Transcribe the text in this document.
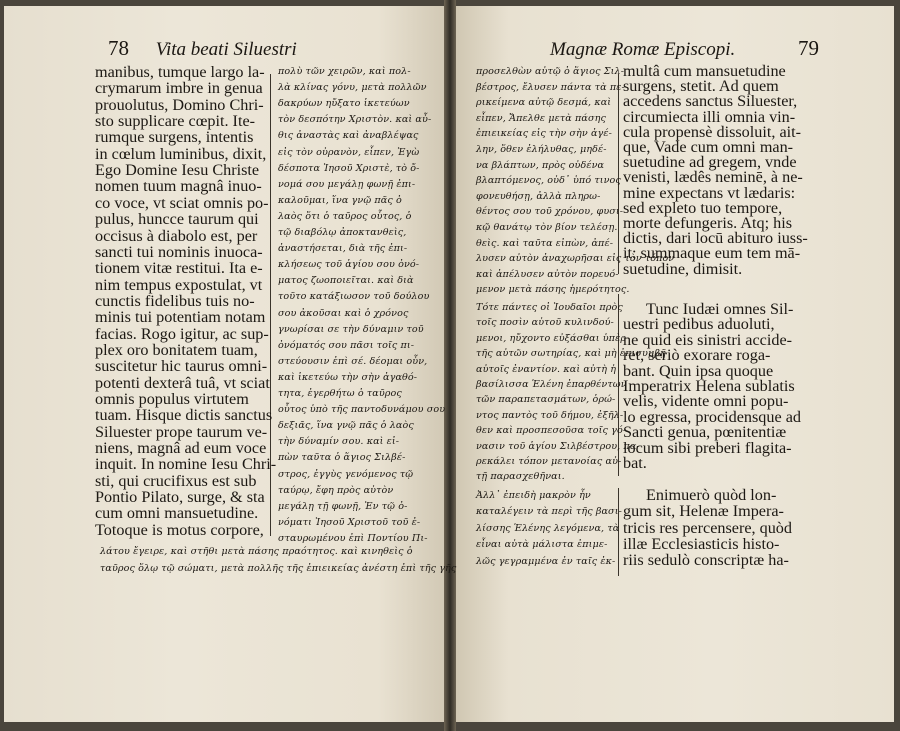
78 Vita beati Siluestri	Magnæ Romæ Episcopi.	79
manibus, tumque largo la-
crymarum imbre in genua
prouolutus, Domino Chri-
sto supplicare cœpit. Ite-
rumque surgens, intentis
in cœlum luminibus, dixit,
Ego Domine Iesu Christe
nomen tuum magnâ inuo-
co voce, vt sciat omnis po-
pulus, huncce taurum qui
occisus à diabolo est, per
sancti tui nominis inuoca-
tionem vitæ restitui. Ita e-
nim tempus expostulat, vt
cunctis fidelibus tuis no-
minis tui potentiam notam
facias. Rogo igitur, ac sup-
plex oro bonitatem tuam,
suscitetur hic taurus omni-
potenti dexterâ tuâ, vt sciat
omnis populus virtutem
tuam. Hisque dictis sanctus
Siluester prope taurum ve-
niens, magnâ ad eum voce
inquit. In nomine Iesu Chri-
sti, qui crucifixus est sub
Pontio Pilato, surge, & sta
cum omni mansuetudine.
Totoque is motus corpore,
πολὺ τῶν χειρῶν, καὶ πολ-
λὰ κλίνας γόνυ, μετὰ πολλῶν
δακρύων ηὔξατο ἱκετεύων
τὸν δεσπότην Χριστὸν. καὶ αὖ-
θις ἀναστὰς καὶ ἀναβλέψας
εἰς τὸν οὐρανὸν, εἶπεν, Ἐγὼ
δέσποτα Ἰησοῦ Χριστὲ, τὸ ὄ-
νομά σου μεγάλῃ φωνῇ ἐπι-
καλοῦμαι, ἵνα γνῷ πᾶς ὁ
λαὸς ὅτι ὁ ταῦρος οὗτος, ὁ
τῷ διαβόλῳ ἀποκτανθεὶς,
ἀναστήσεται, διὰ τῆς ἐπι-
κλήσεως τοῦ ἁγίου σου ὀνό-
ματος ζωοποιεῖται. καὶ διὰ
τοῦτο κατάξιωσον τοῦ δούλου
σου ἀκοῦσαι καὶ ὁ χρόνος
γνωρίσαι σε τὴν δύναμιν τοῦ
ὀνόματός σου πᾶσι τοῖς πι-
στεύουσιν ἐπὶ σέ. δέομαι οὖν,
καὶ ἱκετεύω τὴν σὴν ἀγαθό-
τητα, ἐγερθήτω ὁ ταῦρος
οὗτος ὑπὸ τῆς παντοδυνάμου σου
δεξιᾶς, ἵνα γνῷ πᾶς ὁ λαὸς
τὴν δύναμίν σου. καὶ εἰ-
πὼν ταῦτα ὁ ἅγιος Σιλβέ-
στρος, ἐγγὺς γενόμενος τῷ
ταύρῳ, ἔφη πρὸς αὐτὸν
μεγάλῃ τῇ φωνῇ, Ἐν τῷ ὀ-
νόματι Ἰησοῦ Χριστοῦ τοῦ ἐ-
σταυρωμένου ἐπὶ Ποντίου Πι-
λάτου ἔγειρε, καὶ στῆθι μετὰ πάσης πραότητος. καὶ κινηθεὶς ὁ
ταῦρος ὅλῳ τῷ σώματι, μετὰ πολλῆς τῆς ἐπιεικείας ἀνέστη ἐπὶ τῆς γῆς
προσελθὼν αὐτῷ ὁ ἅγιος Σιλ-
βέστρος, ἔλυσεν πάντα τὰ πε-
ρικείμενα αὐτῷ δεσμά, καὶ
εἶπεν, Ἄπελθε μετὰ πάσης
ἐπιεικείας εἰς τὴν σὴν ἀγέ-
λην, ὅθεν ἐλήλυθας, μηδέ-
να βλάπτων, πρὸς οὐδένα
βλαπτόμενος, οὐδ᾽ ὑπό τινος
φονευθήσῃ, ἀλλὰ πληρω-
θέντος σου τοῦ χρόνου, φυσι-
κῷ θανάτῳ τὸν βίον τελέσῃ.
θεὶς. καὶ ταῦτα εἰπὼν, ἀπέ-
λυσεν αὐτὸν ἀναχωρῆσαι εἰς τὸν τόπον
καὶ ἀπέλυσεν αὐτὸν πορευό-
μενον μετὰ πάσης ἡμερότητος.
Τότε πάντες οἱ Ἰουδαῖοι πρὸς
τοῖς ποσὶν αὐτοῦ κυλινδού-
μενοι, ηὔχοντο εὐξάσθαι ὑπὲρ
τῆς αὐτῶν σωτηρίας, καὶ μὴ ἐπισυμβῇ
αὐτοῖς ἐναντίον. καὶ αὐτὴ ἡ
βασίλισσα Ἑλένη ἐπαρθέντων
τῶν παραπετασμάτων, ὁρώ-
ντος παντὸς τοῦ δήμου, ἐξῆλ-
θεν καὶ προσπεσοῦσα τοῖς γό-
νασιν τοῦ ἁγίου Σιλβέστρου, πα-
ρεκάλει τόπον μετανοίας αὐ-
τῇ παρασχεθῆναι.
Ἀλλ᾽ ἐπειδὴ μακρὸν ἦν
καταλέγειν τὰ περὶ τῆς βασι-
λίσσης Ἑλένης λεγόμενα, τὰ
εἶναι αὐτὰ μάλιστα ἐπιμε-
λῶς γεγραμμένα ἐν ταῖς ἐκ-
multâ cum mansuetudine
surgens, stetit. Ad quem
accedens sanctus Siluester,
circumiecta illi omnia vin-
cula propensè dissoluit, ait-
que, Vade cum omni man-
suetudine ad gregem, vnde
venisti, lædês neminē, à ne-
mine expectans vt lædaris:
sed expleto tuo tempore,
morte defungeris. Atq; his
dictis, dari locū abituro iuss-
it; summaque eum tem mā-
suetudine, dimisit.
Tunc Iudæi omnes Sil-
uestri pedibus aduoluti,
ne quid eis sinistri accide-
ret, seriò exorare roga-
bant. Quin ipsa quoque
Imperatrix Helena sublatis
velis, vidente omni popu-
lo egressa, procidensque ad
Sancti genua, pœnitentiæ
locum sibi preberi flagita-
bat.
Enimuerò quòd lon-
gum sit, Helenæ Impera-
tricis res percensere, quòd
illæ Ecclesiasticis histo-
riis sedulò conscriptæ ha-
